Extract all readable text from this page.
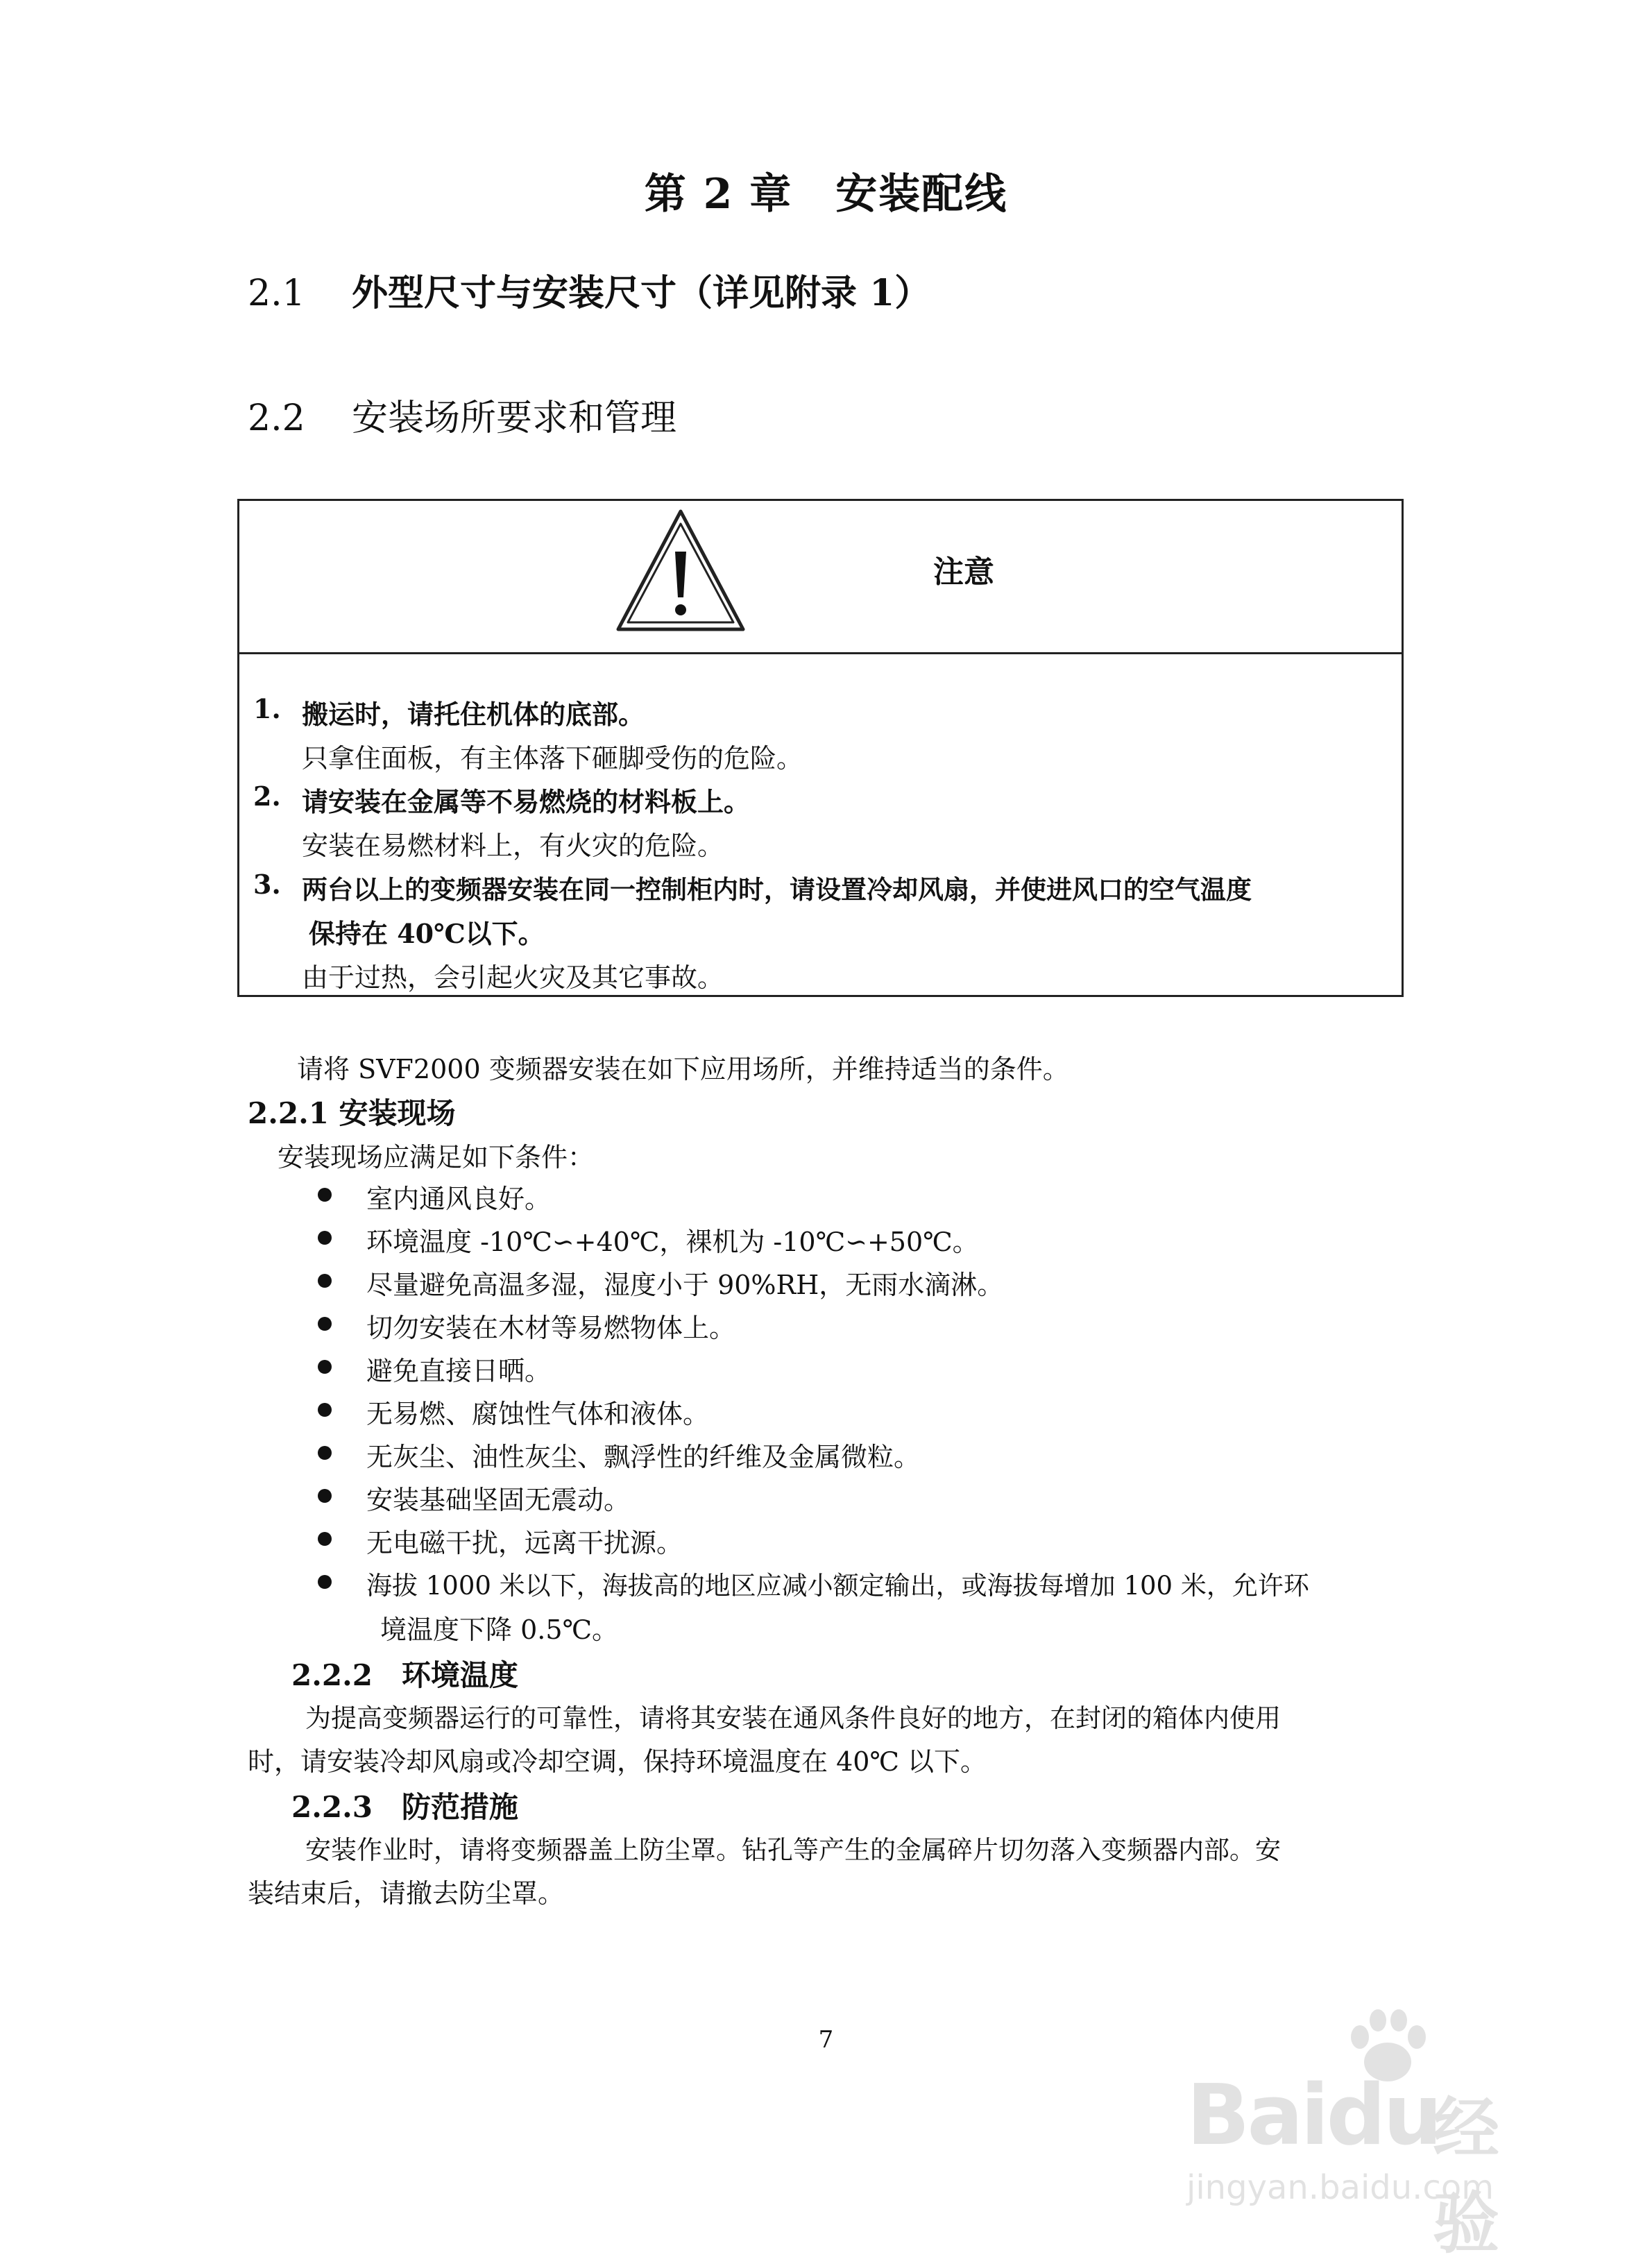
第 2 章　安装配线
2.1 外型尺寸与安装尺寸（详见附录 1）
2.2 安装场所要求和管理
注意
1. 搬运时，请托住机体的底部。
只拿住面板，有主体落下砸脚受伤的危险。
2. 请安装在金属等不易燃烧的材料板上。
安装在易燃材料上，有火灾的危险。
3. 两台以上的变频器安装在同一控制柜内时，请设置冷却风扇，并使进风口的空气温度
保持在 40℃以下。
由于过热，会引起火灾及其它事故。
请将 SVF2000 变频器安装在如下应用场所，并维持适当的条件。
2.2.1 安装现场
安装现场应满足如下条件：
室内通风良好。
环境温度 -10℃∽+40℃，裸机为 -10℃∽+50℃。
尽量避免高温多湿，湿度小于 90%RH，无雨水滴淋。
切勿安装在木材等易燃物体上。
避免直接日晒。
无易燃、腐蚀性气体和液体。
无灰尘、油性灰尘、飘浮性的纤维及金属微粒。
安装基础坚固无震动。
无电磁干扰，远离干扰源。
海拔 1000 米以下，海拔高的地区应减小额定输出，或海拔每增加 100 米，允许环
境温度下降 0.5℃。
2.2.2　环境温度
为提高变频器运行的可靠性，请将其安装在通风条件良好的地方，在封闭的箱体内使用
时，请安装冷却风扇或冷却空调，保持环境温度在 40℃ 以下。
2.2.3　防范措施
安装作业时，请将变频器盖上防尘罩。钻孔等产生的金属碎片切勿落入变频器内部。安
装结束后，请撤去防尘罩。
7
Baidu
经验
jingyan.baidu.com
